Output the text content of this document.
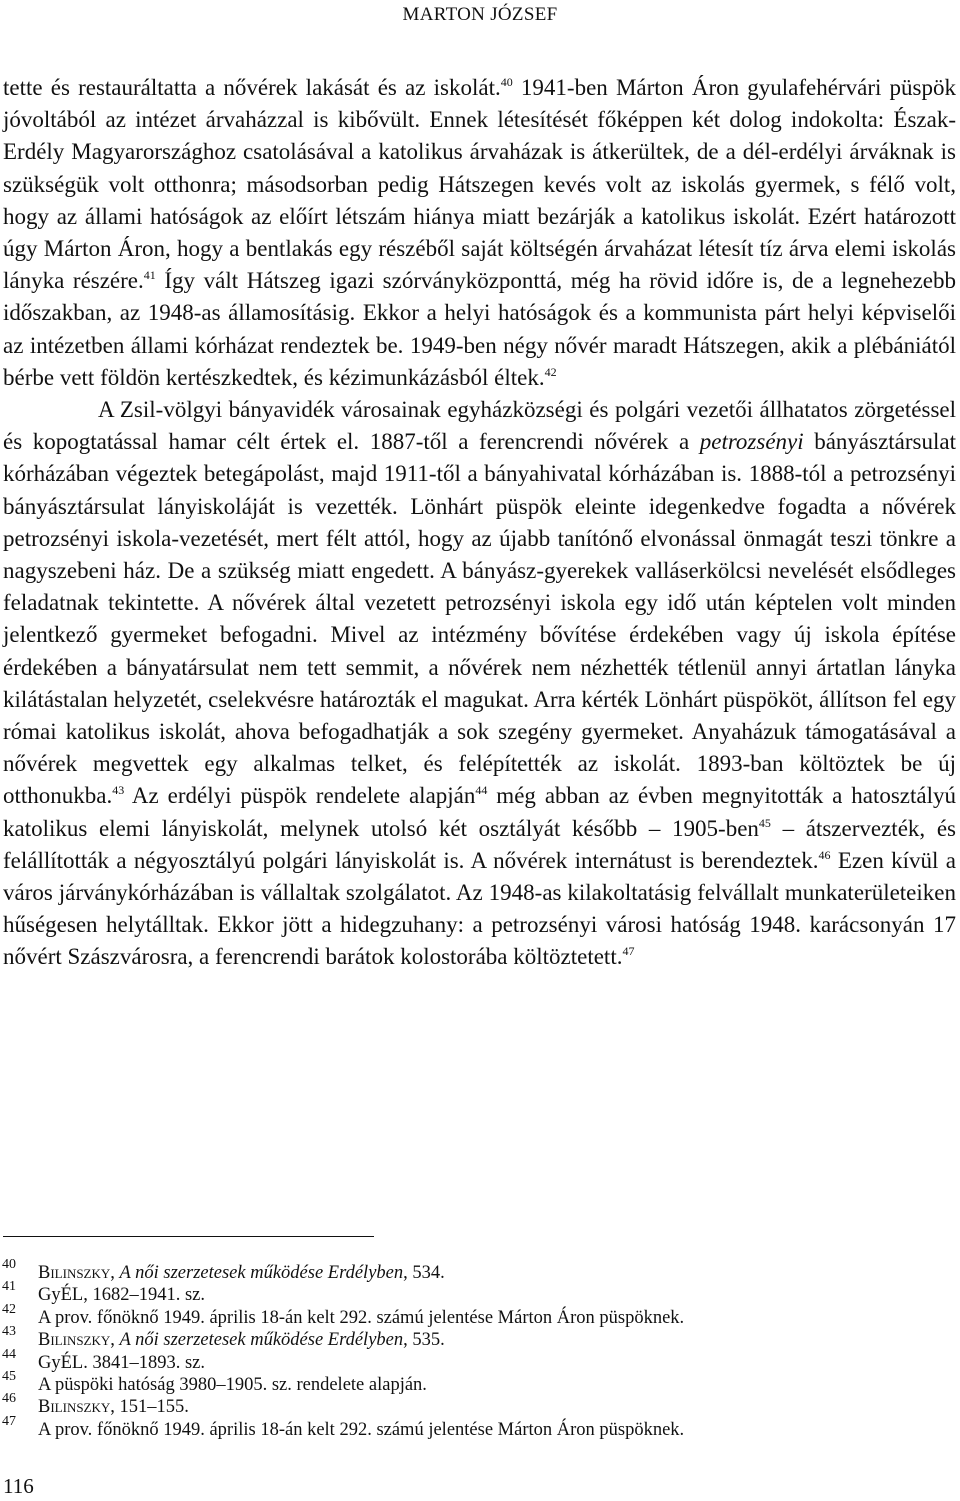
MARTON JÓZSEF

tette és restauráltatta a nővérek lakását és az iskolát.$^{40}$ 1941-ben Márton Áron gyulafehérvári püspök jóvoltából az intézet árvaházzal is kibővült. Ennek létesítését főképpen két dolog indokolta: Észak-Erdély Magyarországhoz csatolásával a katolikus árvaházak is átkerültek, de a dél-erdélyi árváknak is szükségük volt otthonra; másodsorban pedig Hátszegen kevés volt az iskolás gyermek, s félő volt, hogy az állami hatóságok az előírt létszám hiánya miatt bezárják a katolikus iskolát. Ezért határozott úgy Márton Áron, hogy a bentlakás egy részéből saját költségén árvaházat létesít tíz árva elemi iskolás lányka részére.$^{41}$ Így vált Hátszeg igazi szórványközponttá, még ha rövid időre is, de a legnehezebb időszakban, az 1948-as államosításig. Ekkor a helyi hatóságok és a kommunista párt helyi képviselői az intézetben állami kórházat rendeztek be. 1949-ben négy nővér maradt Hátszegen, akik a plébániától bérbe vett földön kertészkedtek, és kézimunkázásból éltek.$^{42}$

A Zsil-völgyi bányavidék városainak egyházközségi és polgári vezetői állhatatos zörgetéssel és kopogtatással hamar célt értek el. 1887-től a ferencrendi nővérek a petrozsényi bányásztársulat kórházában végeztek betegápolást, majd 1911-től a bányahivatal kórházában is. 1888-tól a petrozsényi bányásztársulat lányiskoláját is vezették. Lönhárt püspök eleinte idegenkedve fogadta a nővérek petrozsényi iskola-vezetését, mert félt attól, hogy az újabb tanítónő elvonással önmagát teszi tönkre a nagyszebeni ház. De a szükség miatt engedett. A bányász-gyerekek valláserkölcsi nevelését elsődleges feladatnak tekintette. A nővérek által vezetett petrozsényi iskola egy idő után képtelen volt minden jelentkező gyermeket befogadni. Mivel az intézmény bővítése érdekében vagy új iskola építése érdekében a bányatársulat nem tett semmit, a nővérek nem nézhették tétlenül annyi ártatlan lányka kilátástalan helyzetét, cselekvésre határozták el magukat. Arra kérték Lönhárt püspököt, állítson fel egy római katolikus iskolát, ahova befogadhatják a sok szegény gyermeket. Anyaházuk támogatásával a nővérek megvettek egy alkalmas telket, és felépítették az iskolát. 1893-ban költöztek be új otthonukba.$^{43}$ Az erdélyi püspök rendelete alapján$^{44}$ még abban az évben megnyitották a hatosztályú katolikus elemi lányiskolát, melynek utolsó két osztályát később – 1905-ben$^{45}$ – átszervezték, és felállították a négyosztályú polgári lányiskolát is. A nővérek internátust is berendeztek.$^{46}$ Ezen kívül a város járványkórházában is vállaltak szolgálatot. Az 1948-as kilakoltatásig felvállalt munkaterületeiken hűségesen helytálltak. Ekkor jött a hidegzuhany: a petrozsényi városi hatóság 1948. karácsonyán 17 nővért Szászvárosra, a ferencrendi barátok kolostorába költöztetett.$^{47}$

40 Bilinszky, A női szerzetesek működése Erdélyben, 534.
41 GyÉL, 1682–1941. sz.
42 A prov. főnöknő 1949. április 18-án kelt 292. számú jelentése Márton Áron püspöknek.
43 Bilinszky, A női szerzetesek működése Erdélyben, 535.
44 GyÉL. 3841–1893. sz.
45 A püspöki hatóság 3980–1905. sz. rendelete alapján.
46 Bilinszky, 151–155.
47 A prov. főnöknő 1949. április 18-án kelt 292. számú jelentése Márton Áron püspöknek.
116
